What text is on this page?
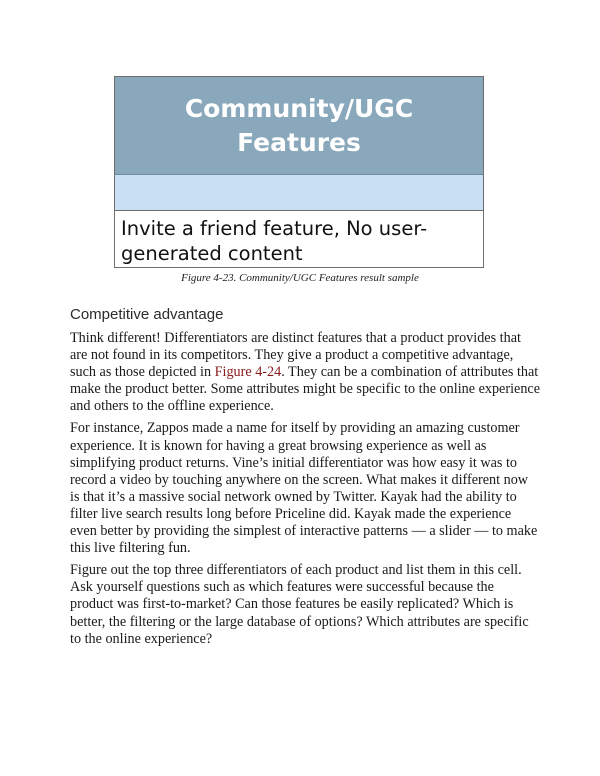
Community/UGC Features
Invite a friend feature, No user-generated content
Figure 4-23. Community/UGC Features result sample
Competitive advantage

Think different! Differentiators are distinct features that a product provides that are not found in its competitors. They give a product a competitive advantage, such as those depicted in Figure 4-24. They can be a combination of attributes that make the product better. Some attributes might be specific to the online experience and others to the offline experience.

For instance, Zappos made a name for itself by providing an amazing customer experience. It is known for having a great browsing experience as well as simplifying product returns. Vine’s initial differentiator was how easy it was to record a video by touching anywhere on the screen. What makes it different now is that it’s a massive social network owned by Twitter. Kayak had the ability to filter live search results long before Priceline did. Kayak made the experience even better by providing the simplest of interactive patterns — a slider — to make this live filtering fun.

Figure out the top three differentiators of each product and list them in this cell. Ask yourself questions such as which features were successful because the product was first-to-market? Can those features be easily replicated? Which is better, the filtering or the large database of options? Which attributes are specific to the online experience?
